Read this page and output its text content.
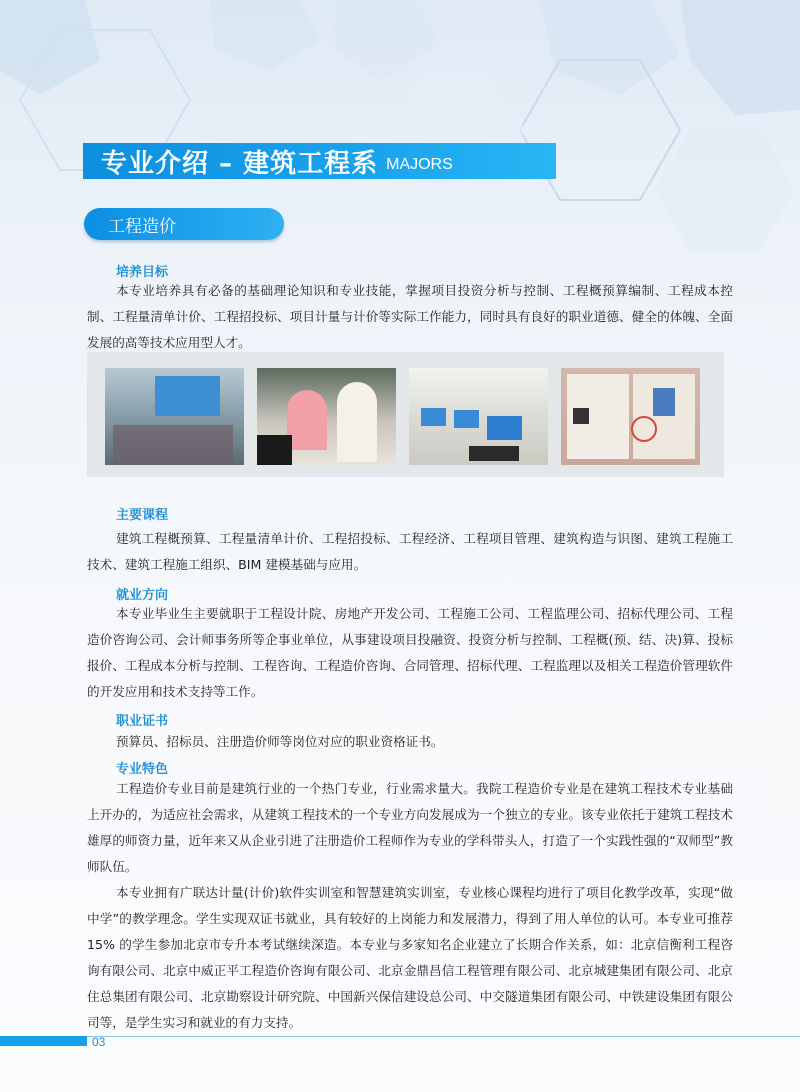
专业介绍 – 建筑工程系 MAJORS
工程造价
培养目标

本专业培养具有必备的基础理论知识和专业技能，掌握项目投资分析与控制、工程概预算编制、工程成本控制、工程量清单计价、工程招投标、项目计量与计价等实际工作能力，同时具有良好的职业道德、健全的体魄、全面发展的高等技术应用型人才。

主要课程

建筑工程概预算、工程量清单计价、工程招投标、工程经济、工程项目管理、建筑构造与识图、建筑工程施工技术、建筑工程施工组织、BIM 建模基础与应用。

就业方向

本专业毕业生主要就职于工程设计院、房地产开发公司、工程施工公司、工程监理公司、招标代理公司、工程造价咨询公司、会计师事务所等企事业单位，从事建设项目投融资、投资分析与控制、工程概(预、结、决)算、投标报价、工程成本分析与控制、工程咨询、工程造价咨询、合同管理、招标代理、工程监理以及相关工程造价管理软件的开发应用和技术支持等工作。

职业证书

预算员、招标员、注册造价师等岗位对应的职业资格证书。

专业特色

工程造价专业目前是建筑行业的一个热门专业，行业需求量大。我院工程造价专业是在建筑工程技术专业基础上开办的，为适应社会需求，从建筑工程技术的一个专业方向发展成为一个独立的专业。该专业依托于建筑工程技术雄厚的师资力量，近年来又从企业引进了注册造价工程师作为专业的学科带头人，打造了一个实践性强的“双师型”教师队伍。

本专业拥有广联达计量(计价)软件实训室和智慧建筑实训室，专业核心课程均进行了项目化教学改革，实现“做中学”的教学理念。学生实现双证书就业，具有较好的上岗能力和发展潜力，得到了用人单位的认可。本专业可推荐 15% 的学生参加北京市专升本考试继续深造。本专业与多家知名企业建立了长期合作关系，如：北京信衡利工程咨询有限公司、北京中威正平工程造价咨询有限公司、北京金鼎昌信工程管理有限公司、北京城建集团有限公司、北京住总集团有限公司、北京勘察设计研究院、中国新兴保信建设总公司、中交隧道集团有限公司、中铁建设集团有限公司等，是学生实习和就业的有力支持。

03
